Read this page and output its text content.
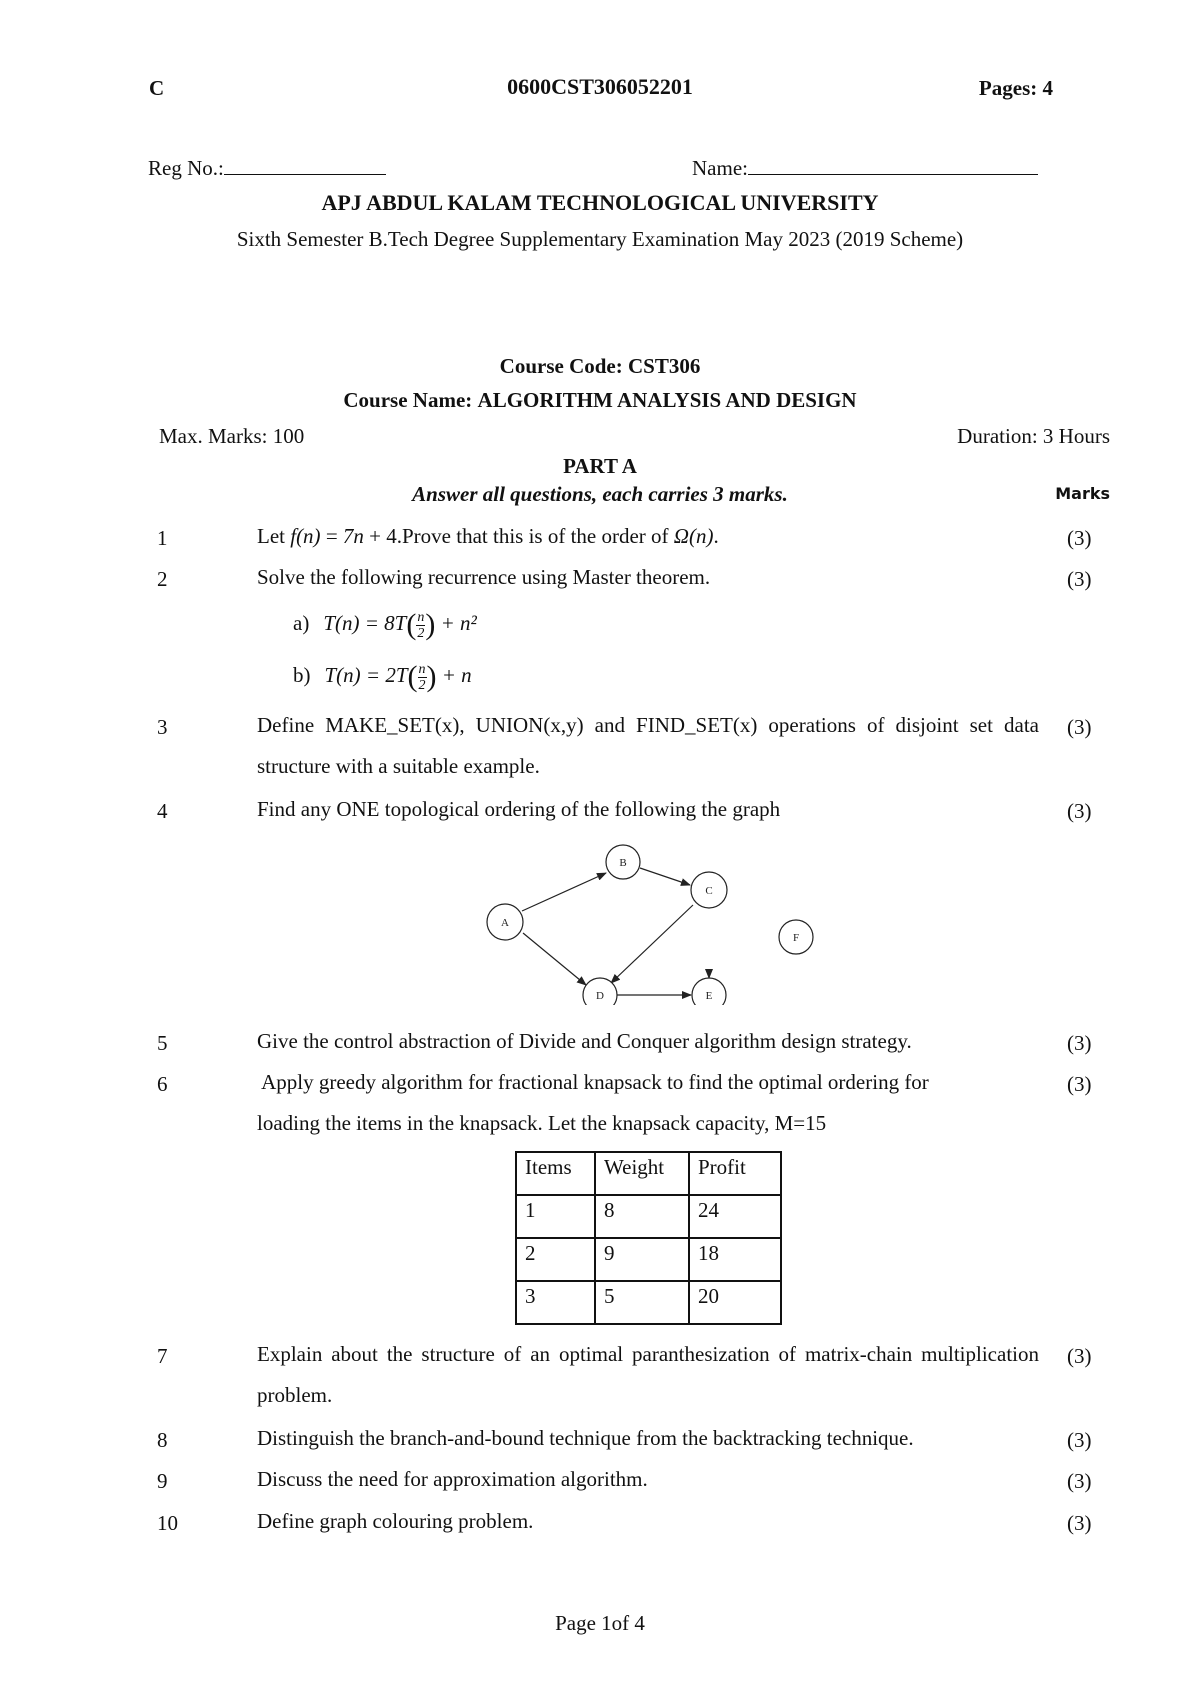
C	0600CST306052201	Pages: 4
Reg No.:	Name:
APJ ABDUL KALAM TECHNOLOGICAL UNIVERSITY
Sixth Semester B.Tech Degree Supplementary Examination May 2023 (2019 Scheme)
Course Code: CST306
Course Name: ALGORITHM ANALYSIS AND DESIGN
Max. Marks: 100	Duration: 3 Hours
PART A
Answer all questions, each carries 3 marks.	Marks
1	Let f(n) = 7n + 4.Prove that this is of the order of Ω(n).	(3)
2	Solve the following recurrence using Master theorem.	(3)
a) $T(n) = 8T( \frac{n}{2}$ ) + n²
b) $T(n) = 2T( \frac{n}{2}$ ) + n
3	Define MAKE_SET(x), UNION(x,y) and FIND_SET(x) operations of disjoint set data structure with a suitable example.
(3)
4	Find any ONE topological ordering of the following the graph	(3)
A
B
C
D	E
F
5	Give the control abstraction of Divide and Conquer algorithm design strategy.	(3)
6	Apply greedy algorithm for fractional knapsack to find the optimal ordering for
loading the items in the knapsack. Let the knapsack capacity, M=15
(3)
Items	Weight	Profit
1	8	24
2	9	18
3	5	20
7	Explain about the structure of an optimal paranthesization of matrix-chain multiplication problem.
(3)
8	Distinguish the branch-and-bound technique from the backtracking technique.	(3)
9	Discuss the need for approximation algorithm.	(3)
10	Define graph colouring problem.	(3)
Page 1of 4
